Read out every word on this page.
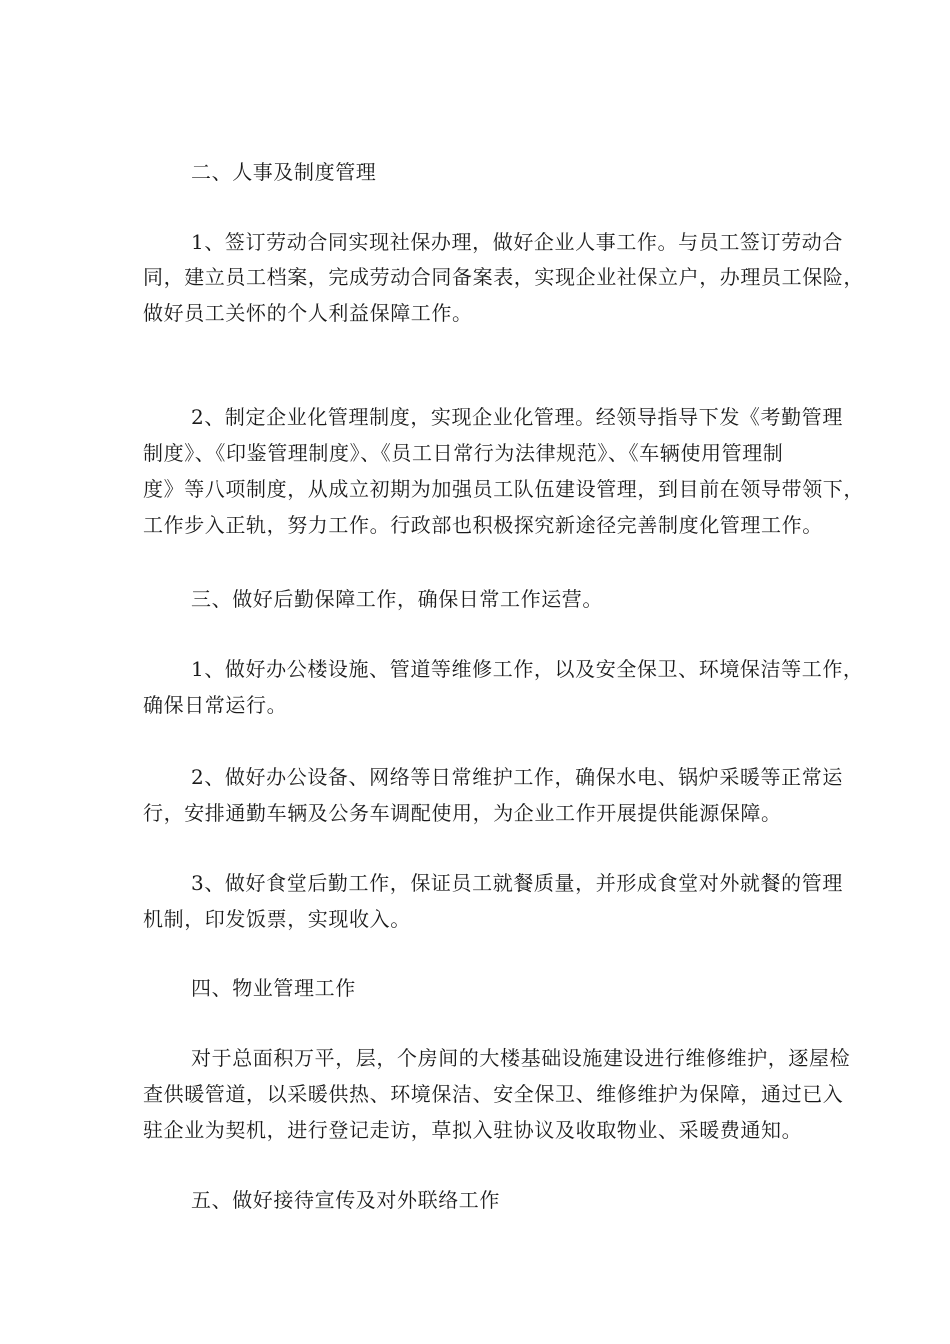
二、人事及制度管理

1、签订劳动合同实现社保办理，做好企业人事工作。与员工签订劳动合

同，建立员工档案，完成劳动合同备案表，实现企业社保立户，办理员工保险，

做好员工关怀的个人利益保障工作。

2、制定企业化管理制度，实现企业化管理。经领导指导下发《考勤管理

制度》、《印鉴管理制度》、《员工日常行为法律规范》、《车辆使用管理制

度》等八项制度，从成立初期为加强员工队伍建设管理，到目前在领导带领下，

工作步入正轨，努力工作。行政部也积极探究新途径完善制度化管理工作。

三、做好后勤保障工作，确保日常工作运营。

1、做好办公楼设施、管道等维修工作，以及安全保卫、环境保洁等工作，

确保日常运行。

2、做好办公设备、网络等日常维护工作，确保水电、锅炉采暖等正常运

行，安排通勤车辆及公务车调配使用，为企业工作开展提供能源保障。

3、做好食堂后勤工作，保证员工就餐质量，并形成食堂对外就餐的管理

机制，印发饭票，实现收入。

四、物业管理工作

对于总面积万平，层，个房间的大楼基础设施建设进行维修维护，逐屋检

查供暖管道，以采暖供热、环境保洁、安全保卫、维修维护为保障，通过已入

驻企业为契机，进行登记走访，草拟入驻协议及收取物业、采暖费通知。

五、做好接待宣传及对外联络工作
